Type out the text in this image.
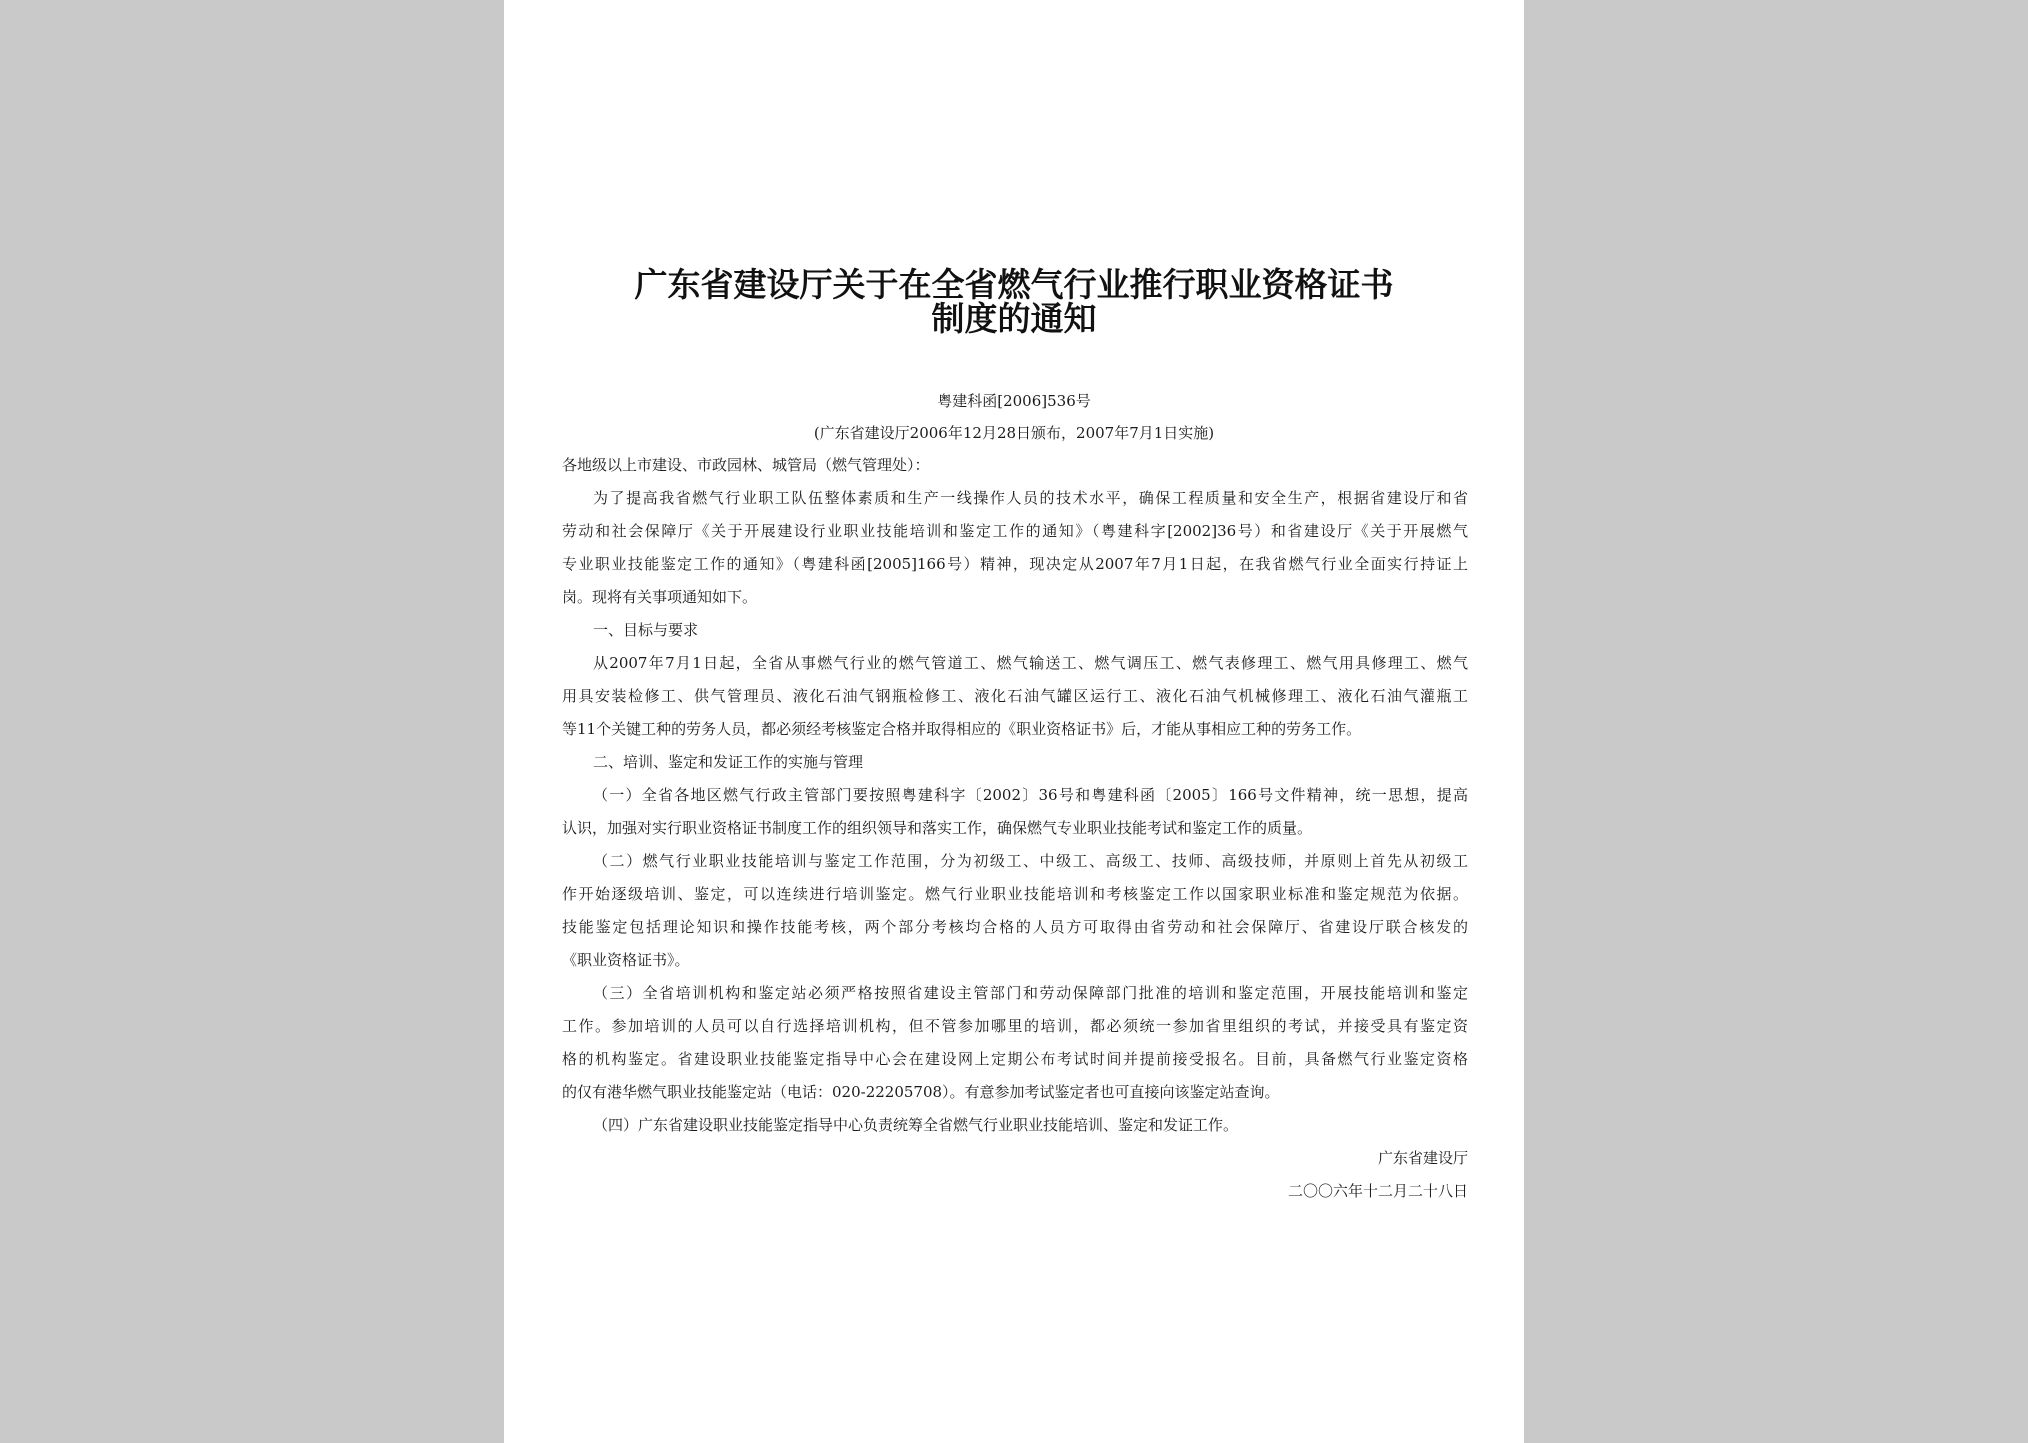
广东省建设厅关于在全省燃气行业推行职业资格证书
制度的通知
粤建科函[2006]536号
(广东省建设厅2006年12月28日颁布，2007年7月1日实施)
各地级以上市建设、市政园林、城管局（燃气管理处）：
为了提高我省燃气行业职工队伍整体素质和生产一线操作人员的技术水平，确保工程质量和安全生产，根据省建设厅和省
劳动和社会保障厅《关于开展建设行业职业技能培训和鉴定工作的通知》（粤建科字[2002]36号）和省建设厅《关于开展燃气
专业职业技能鉴定工作的通知》（粤建科函[2005]166号）精神，现决定从2007年7月1日起，在我省燃气行业全面实行持证上
岗。现将有关事项通知如下。
一、目标与要求
从2007年7月1日起，全省从事燃气行业的燃气管道工、燃气输送工、燃气调压工、燃气表修理工、燃气用具修理工、燃气
用具安装检修工、供气管理员、液化石油气钢瓶检修工、液化石油气罐区运行工、液化石油气机械修理工、液化石油气灌瓶工
等11个关键工种的劳务人员，都必须经考核鉴定合格并取得相应的《职业资格证书》后，才能从事相应工种的劳务工作。
二、培训、鉴定和发证工作的实施与管理
（一）全省各地区燃气行政主管部门要按照粤建科字〔2002〕36号和粤建科函〔2005〕166号文件精神，统一思想，提高
认识，加强对实行职业资格证书制度工作的组织领导和落实工作，确保燃气专业职业技能考试和鉴定工作的质量。
（二）燃气行业职业技能培训与鉴定工作范围，分为初级工、中级工、高级工、技师、高级技师，并原则上首先从初级工
作开始逐级培训、鉴定，可以连续进行培训鉴定。燃气行业职业技能培训和考核鉴定工作以国家职业标准和鉴定规范为依据。
技能鉴定包括理论知识和操作技能考核，两个部分考核均合格的人员方可取得由省劳动和社会保障厅、省建设厅联合核发的
《职业资格证书》。
（三）全省培训机构和鉴定站必须严格按照省建设主管部门和劳动保障部门批准的培训和鉴定范围，开展技能培训和鉴定
工作。参加培训的人员可以自行选择培训机构，但不管参加哪里的培训，都必须统一参加省里组织的考试，并接受具有鉴定资
格的机构鉴定。省建设职业技能鉴定指导中心会在建设网上定期公布考试时间并提前接受报名。目前，具备燃气行业鉴定资格
的仅有港华燃气职业技能鉴定站（电话：020-22205708）。有意参加考试鉴定者也可直接向该鉴定站查询。
（四）广东省建设职业技能鉴定指导中心负责统筹全省燃气行业职业技能培训、鉴定和发证工作。
广东省建设厅
二〇〇六年十二月二十八日
